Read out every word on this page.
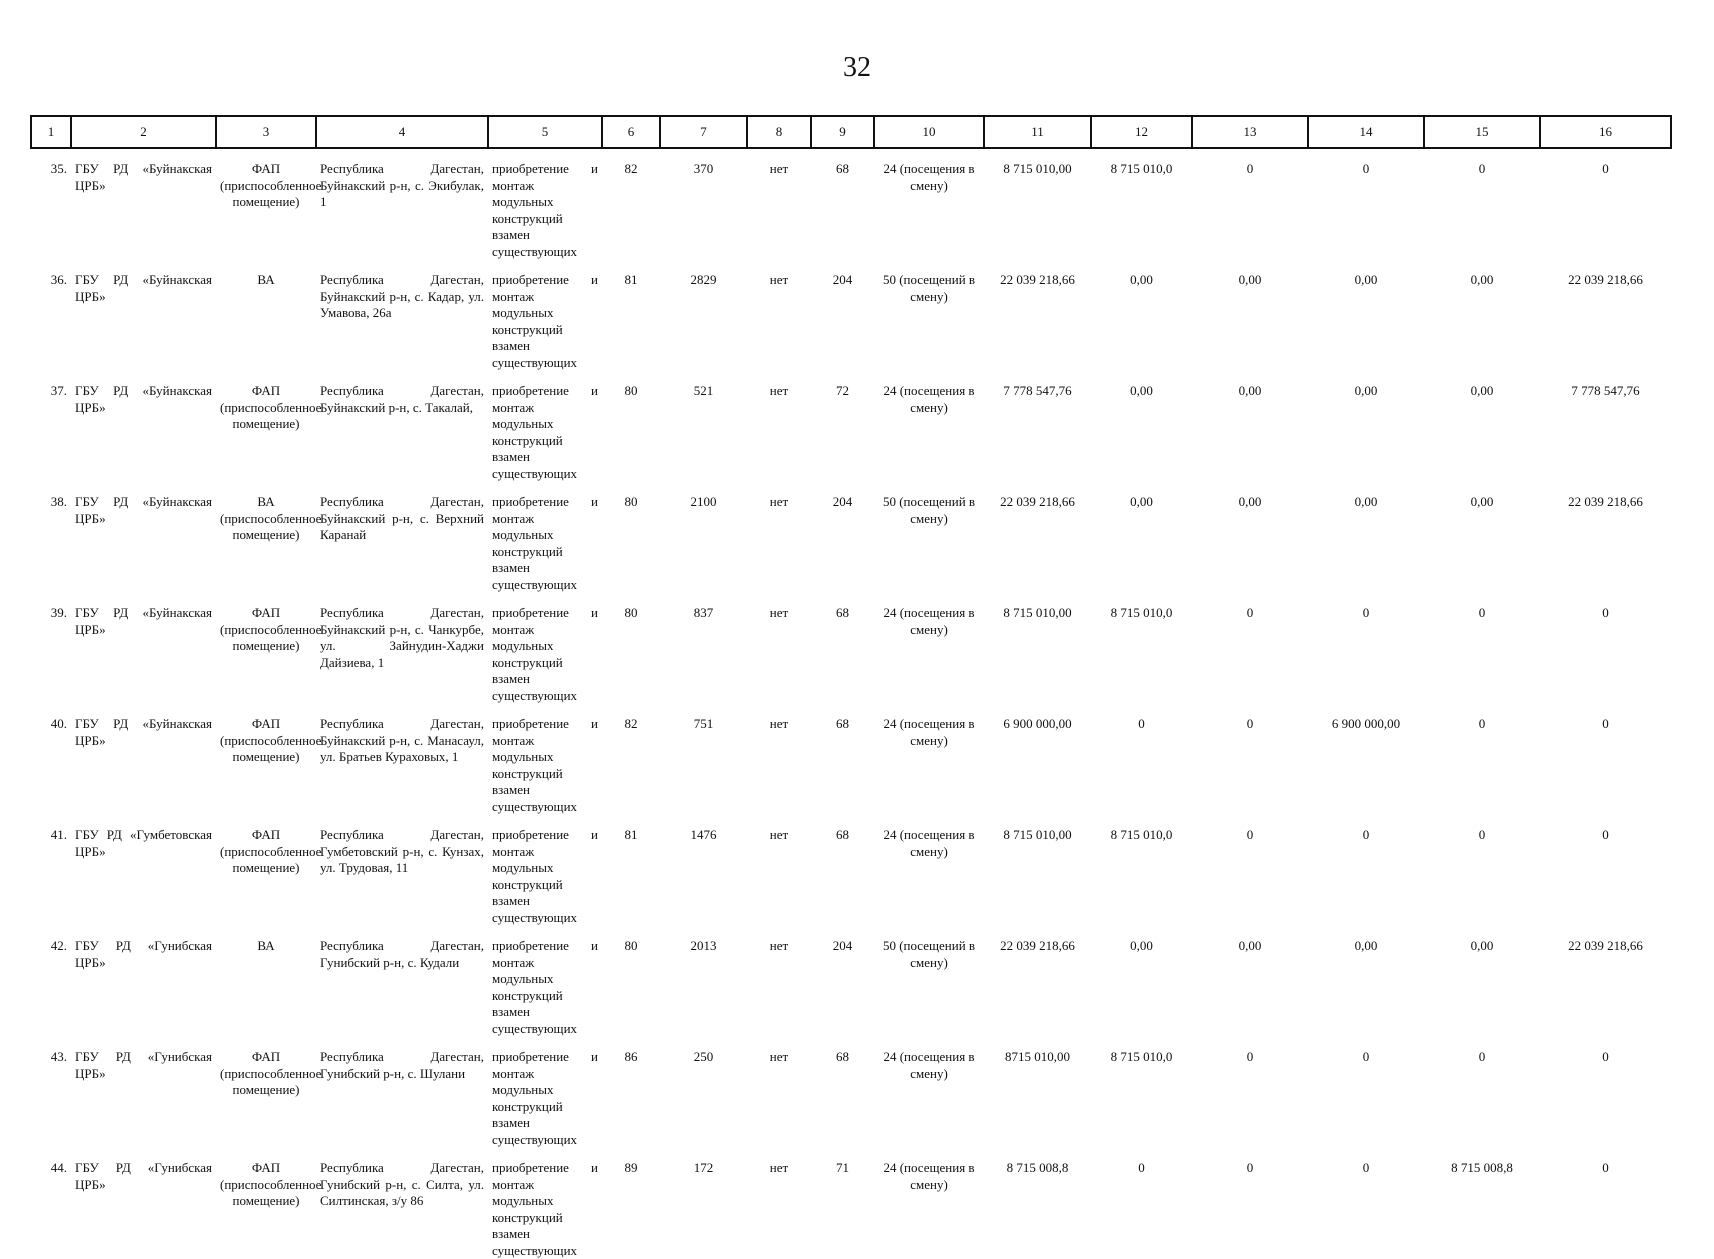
32
1	2	3	4	5	6	7	8	9	10	11	12	13	14	15	16
35.	ГБУ РД «Буйнакская ЦРБ»	ФАП (приспособленное помещение)	Республика Дагестан, Буйнакский р-н, с. Экибулак, 1	приобретение и монтаж модульных конструкций взамен существующих	82	370	нет	68	24 (посещения в смену)	8 715 010,00	8 715 010,0	0	0	0	0
36.	ГБУ РД «Буйнакская ЦРБ»	ВА	Республика Дагестан, Буйнакский р-н, с. Кадар, ул. Умавова, 26а	приобретение и монтаж модульных конструкций взамен существующих	81	2829	нет	204	50 (посещений в смену)	22 039 218,66	0,00	0,00	0,00	0,00	22 039 218,66
37.	ГБУ РД «Буйнакская ЦРБ»	ФАП (приспособленное помещение)	Республика Дагестан, Буйнакский р-н, с. Такалай,	приобретение и монтаж модульных конструкций взамен существующих	80	521	нет	72	24 (посещения в смену)	7 778 547,76	0,00	0,00	0,00	0,00	7 778 547,76
38.	ГБУ РД «Буйнакская ЦРБ»	ВА (приспособленное помещение)	Республика Дагестан, Буйнакский р-н, с. Верхний Каранай	приобретение и монтаж модульных конструкций взамен существующих	80	2100	нет	204	50 (посещений в смену)	22 039 218,66	0,00	0,00	0,00	0,00	22 039 218,66
39.	ГБУ РД «Буйнакская ЦРБ»	ФАП (приспособленное помещение)	Республика Дагестан, Буйнакский р-н, с. Чанкурбе, ул. Зайнудин-Хаджи Дайзиева, 1	приобретение и монтаж модульных конструкций взамен существующих	80	837	нет	68	24 (посещения в смену)	8 715 010,00	8 715 010,0	0	0	0	0
40.	ГБУ РД «Буйнакская ЦРБ»	ФАП (приспособленное помещение)	Республика Дагестан, Буйнакский р-н, с. Манасаул, ул. Братьев Кураховых, 1	приобретение и монтаж модульных конструкций взамен существующих	82	751	нет	68	24 (посещения в смену)	6 900 000,00	0	0	6 900 000,00	0	0
41.	ГБУ РД «Гумбетовская ЦРБ»	ФАП (приспособленное помещение)	Республика Дагестан, Гумбетовский р-н, с. Кунзах, ул. Трудовая, 11	приобретение и монтаж модульных конструкций взамен существующих	81	1476	нет	68	24 (посещения в смену)	8 715 010,00	8 715 010,0	0	0	0	0
42.	ГБУ РД «Гунибская ЦРБ»	ВА	Республика Дагестан, Гунибский р-н, с. Кудали	приобретение и монтаж модульных конструкций взамен существующих	80	2013	нет	204	50 (посещений в смену)	22 039 218,66	0,00	0,00	0,00	0,00	22 039 218,66
43.	ГБУ РД «Гунибская ЦРБ»	ФАП (приспособленное помещение)	Республика Дагестан, Гунибский р-н, с. Шулани	приобретение и монтаж модульных конструкций взамен существующих	86	250	нет	68	24 (посещения в смену)	8715 010,00	8 715 010,0	0	0	0	0
44.	ГБУ РД «Гунибская ЦРБ»	ФАП (приспособленное помещение)	Республика Дагестан, Гунибский р-н, с. Силта, ул. Силтинская, з/у 86	приобретение и монтаж модульных конструкций взамен существующих	89	172	нет	71	24 (посещения в смену)	8 715 008,8	0	0	0	8 715 008,8	0
